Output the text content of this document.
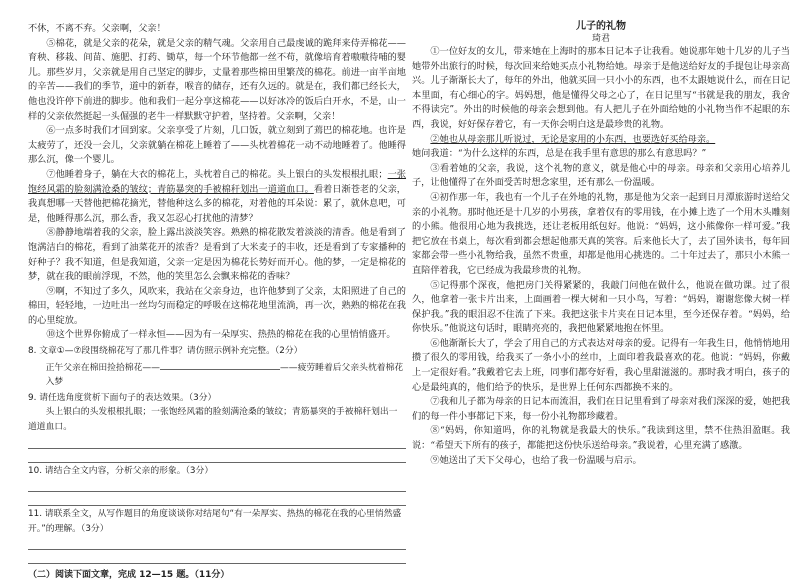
不休，不离不弃。父亲啊，父亲！

⑤棉花，就是父亲的花朵，就是父亲的精气魂。父亲用自己最虔诚的跪拜来侍弄棉花——育秧、移栽、间苗、施肥、打药、锄草，每一个环节他都一丝不苟，就像培育着嗷嗷待哺的婴儿。那些岁月，父亲就是用自己坚定的脚步，丈量着那些棉田里繁茂的棉花。前进一亩半亩地的辛苦——我们的季节，道中的新春，喉音的储存，还有久远的。就是在，我们都已经长大，他也没许停下前进的脚步。他和我们一起分享这棉花——以好冰冷的饭后白开水，不是，山一样的父亲依然挺起一头倔强的老牛一样默默守护着，坚持着。父亲啊，父亲！

⑥一点多时我们才回到家。父亲享受了片刻，几口饭，就立刻到了蔫巴的棉花地。也许是太疲劳了，还没一会儿，父亲就躺在棉花上睡着了——头枕着棉花一动不动地睡着了。他睡得那么沉，像一个婴儿。

⑦他睡着身子，躺在大衣的棉花上，头枕着自己的棉花。头上银白的头发根根扎眼；一张饱经风霜的脸刻满沧桑的皱纹；青筋暴突的手被棉秆划出一道道血口。看着日渐苍老的父亲，我真想哪一天替他把棉花摘光，替他种这么多的棉花，对着他的耳朵说：累了，就休息吧，可是，他睡得那么沉，那么香，我又怎忍心打扰他的清梦？

⑧静静地端着我的父亲，脸上露出淡淡笑容。熟熟的棉花散发着淡淡的清香。他是看到了饱满洁白的棉花，看到了油菜花开的浓香？是看到了大米麦子的丰收，还是看到了专家播种的好种子？我不知道，但是我知道，父亲一定是因为棉花长势好而开心。他的梦，一定是棉花的梦，就在我的眼前浮现，不然，他的笑里怎么会飘来棉花的香味？

⑨啊，不知过了多久，风吹来，我站在父亲身边，也许他梦到了父亲，太阳照进了自己的棉田，轻轻地，一边吐出一丝均匀而稳定的呼吸在这棉花地里流淌，再一次，熟熟的棉花在我的心里绽放。

⑩这个世界你俯成了一样永恒——因为有一朵厚实、热热的棉花在我的心里悄悄盛开。

8. 文章①—⑦段围绕棉花写了那几件事？请仿照示例补充完整。（2分）
正午父亲在棉田捡拾棉花——	——疲劳睡着后父亲头枕着棉花入梦
9. 请任选角度赏析下面句子的表达效果。（3分）
头上银白的头发根根扎眼；一张饱经风霜的脸刻满沧桑的皱纹；青筋暴突的手被棉秆划出一道道血口。
10. 请结合全文内容，分析父亲的形象。（3分）
11. 请联系全文，从写作题目的角度谈谈你对结尾句“有一朵厚实、热热的棉花在我的心里悄然盛开。”的理解。（3分）
（二）阅读下面文章，完成 12—15 题。（11分）
儿子的礼物
琦君

①一位好友的女儿，带来她在上海时的那本日记本子让我看。她说那年她十几岁的儿子当她带外出旅行的时候，每次回来给她买点小礼物给她。母亲于是他送给好友的手提包让母亲高兴。儿子渐渐长大了，每年的外出，他就买回一只小小的东西，也不太跟她说什么，而在日记本里面，有心细心的字。妈妈想，他是懂得父母之心了，在日记里写“书就是我的朋友，我舍不得读完”。外出的时候他的母亲会想到他。有人把儿子在外面给她的小礼物当作不起眼的东西，我说，好好保存着它，有一天你会明白这是最珍贵的礼物。

②她也从母亲那儿听说过，无论是家用的小东西，也要选好买给母亲。

她问我道：“为什么这样的东西，总是在我手里有意思的那么有意思吗？”

③看着她的父亲，我说，这个礼物的意义，就是他心中的母亲。母亲和父亲用心培养儿子，让他懂得了在外面受苦时想念家里，还有那么一份温暖。

④初作那一年，我也有一个儿子在外地的礼物，那是他为父亲一起到日月潭旅游时送给父亲的小礼物。那时他还是十几岁的小男孩，拿着仅有的零用钱，在小摊上选了一个用木头雕刻的小熊。他很用心地为我挑选，还让老板用纸包好。他说：“妈妈，这小熊像你一样可爱。”我把它放在书桌上，每次看到都会想起他那天真的笑容。后来他长大了，去了国外读书，每年回家都会带一些小礼物给我，虽然不贵重，却都是他用心挑选的。二十年过去了，那只小木熊一直陪伴着我，它已经成为我最珍贵的礼物。

⑤记得那个深夜，他把房门关得紧紧的，我敲门问他在做什么，他说在做功课。过了很久，他拿着一张卡片出来，上面画着一棵大树和一只小鸟，写着：“妈妈，谢谢您像大树一样保护我。”我的眼泪忍不住流了下来。我把这张卡片夹在日记本里，至今还保存着。“妈妈，给你快乐。”他说这句话时，眼睛亮亮的，我把他紧紧地抱在怀里。

⑥他渐渐长大了，学会了用自己的方式表达对母亲的爱。记得有一年我生日，他悄悄地用攒了很久的零用钱，给我买了一条小小的丝巾，上面印着我最喜欢的花。他说：“妈妈，你戴上一定很好看。”我戴着它去上班，同事们都夸好看，我心里甜滋滋的。那时我才明白，孩子的心是最纯真的，他们给予的快乐，是世界上任何东西都换不来的。

⑦我和儿子都为母亲的日记本而流泪，我们在日记里看到了母亲对我们深深的爱，她把我们的每一件小事都记下来，每一份小礼物都珍藏着。

⑧“妈妈，你知道吗，你的礼物就是我最大的快乐。”我读到这里，禁不住热泪盈眶。我说：“希望天下所有的孩子，都能把这份快乐送给母亲。”我说着，心里充满了感激。

⑨她送出了天下父母心，也给了我一份温暖与启示。
